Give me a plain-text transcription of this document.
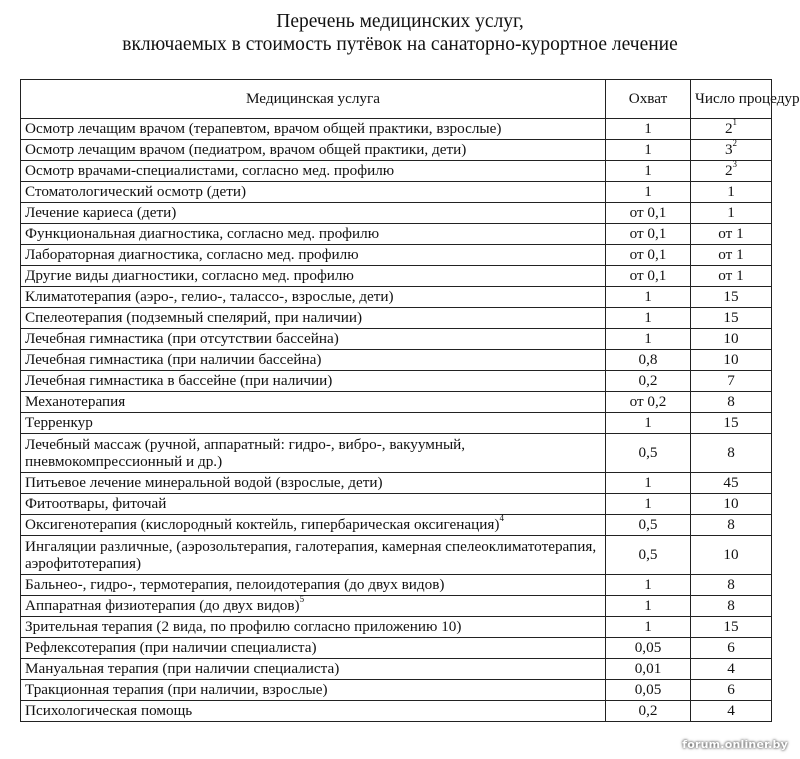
Перечень медицинских услуг,
включаемых в стоимость путёвок на санаторно-курортное лечение
Медицинская услуга	Охват	Число процедур
Осмотр лечащим врачом (терапевтом, врачом общей практики, взрослые)	1	$2^1$
Осмотр лечащим врачом (педиатром, врачом общей практики, дети)	1	$3^2$
Осмотр врачами-специалистами, согласно мед. профилю	1	$2^3$
Стоматологический осмотр (дети)	1	1
Лечение кариеса (дети)	от 0,1	1
Функциональная диагностика, согласно мед. профилю	от 0,1	от 1
Лабораторная диагностика, согласно мед. профилю	от 0,1	от 1
Другие виды диагностики, согласно мед. профилю	от 0,1	от 1
Климатотерапия (аэро-, гелио-, талассо-, взрослые, дети)	1	15
Спелеотерапия (подземный спелярий, при наличии)	1	15
Лечебная гимнастика (при отсутствии бассейна)	1	10
Лечебная гимнастика (при наличии бассейна)	0,8	10
Лечебная гимнастика в бассейне (при наличии)	0,2	7
Механотерапия	от 0,2	8
Терренкур	1	15
Лечебный массаж (ручной, аппаратный: гидро-, вибро-, вакуумный, пневмокомпрессионный и др.)	0,5	8
Питьевое лечение минеральной водой (взрослые, дети)	1	45
Фитоотвары, фиточай	1	10
Оксигенотерапия (кислородный коктейль, гипербарическая оксигенация)$^4$	0,5	8
Ингаляции различные, (аэрозольтерапия, галотерапия, камерная спелеоклиматотерапия, аэрофитотерапия)	0,5	10
Бальнео-, гидро-, термотерапия, пелоидотерапия (до двух видов)	1	8
Аппаратная физиотерапия (до двух видов)$^5$	1	8
Зрительная терапия (2 вида, по профилю согласно приложению 10)	1	15
Рефлексотерапия (при наличии специалиста)	0,05	6
Мануальная терапия (при наличии специалиста)	0,01	4
Тракционная терапия (при наличии, взрослые)	0,05	6
Психологическая помощь	0,2	4
forum.onliner.by
